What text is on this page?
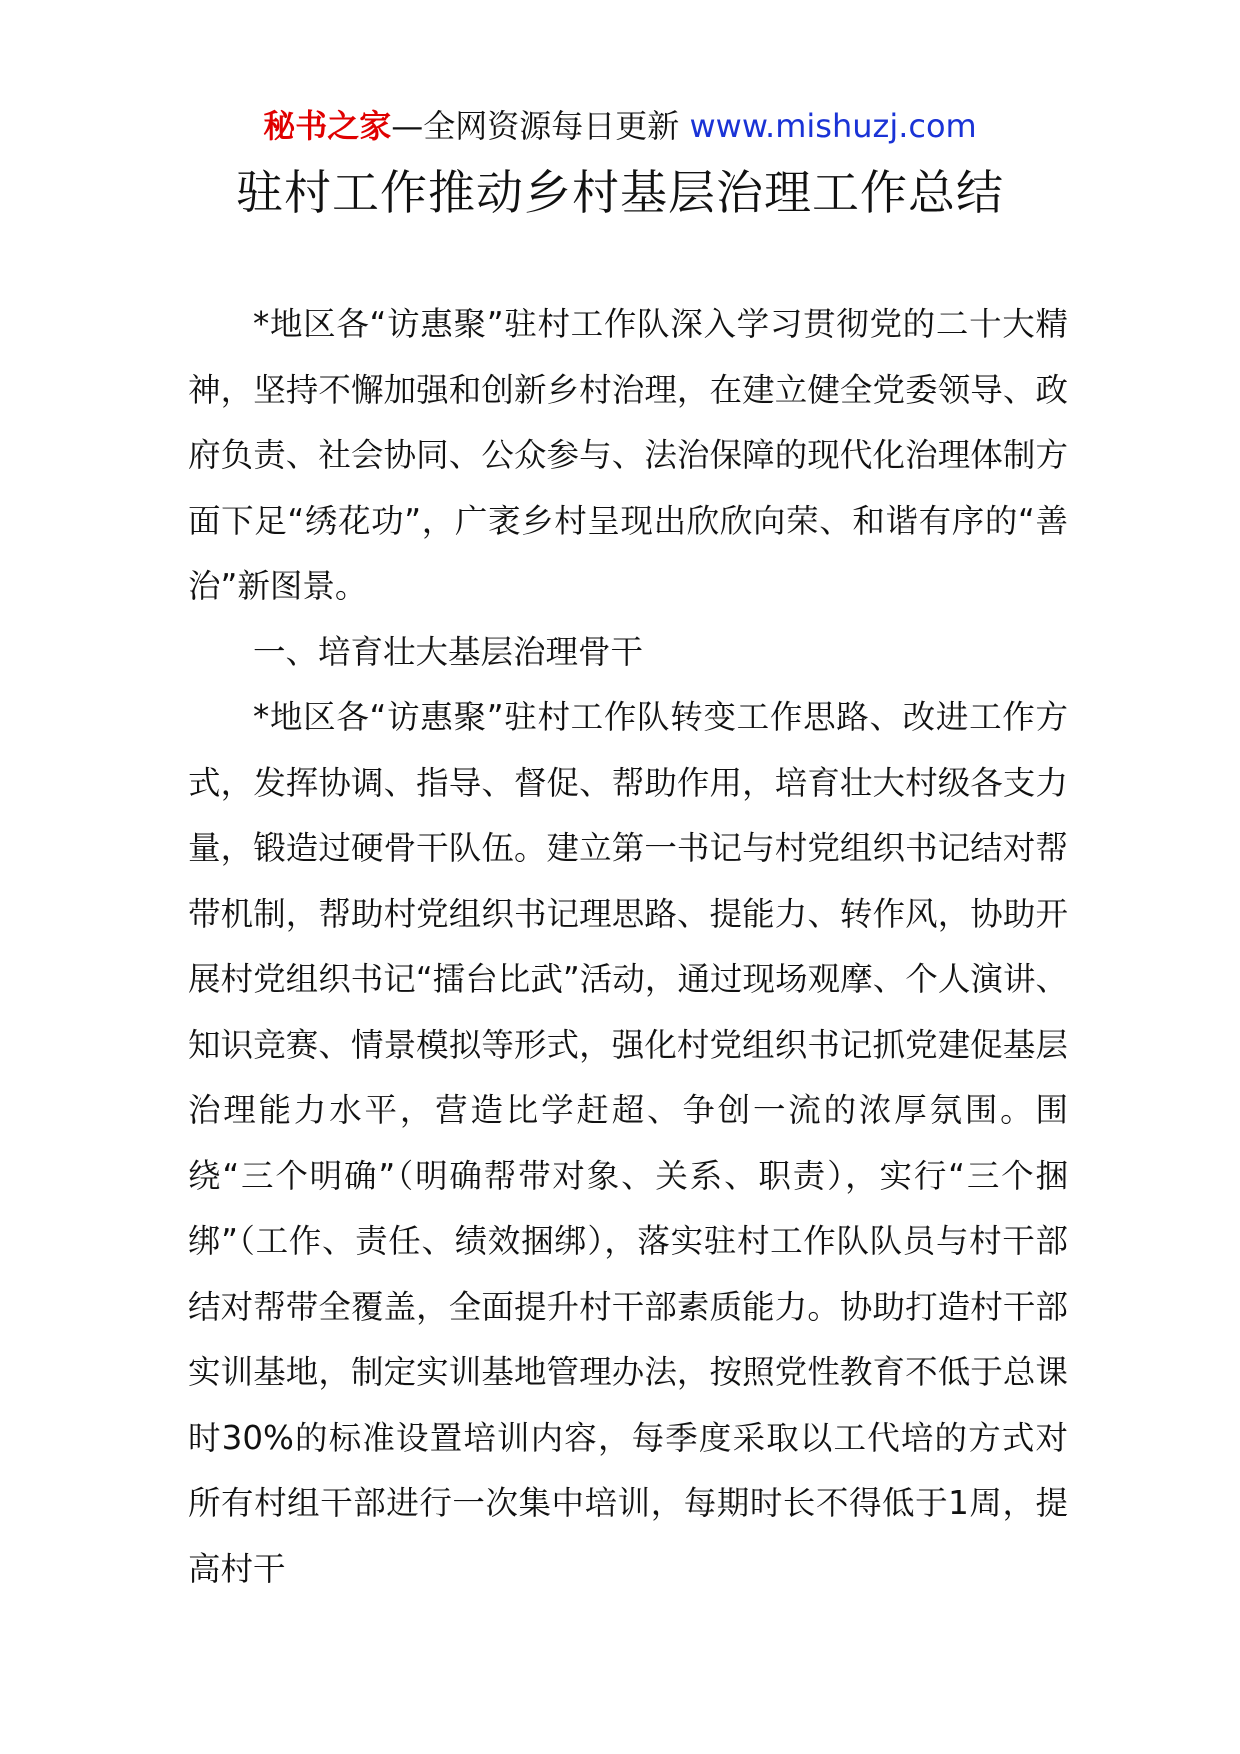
秘书之家—全网资源每日更新 www.mishuzj.com
驻村工作推动乡村基层治理工作总结

*地区各“访惠聚”驻村工作队深入学习贯彻党的二十大精神，坚持不懈加强和创新乡村治理，在建立健全党委领导、政府负责、社会协同、公众参与、法治保障的现代化治理体制方面下足“绣花功”，广袤乡村呈现出欣欣向荣、和谐有序的“善治”新图景。

一、培育壮大基层治理骨干

*地区各“访惠聚”驻村工作队转变工作思路、改进工作方式，发挥协调、指导、督促、帮助作用，培育壮大村级各支力量，锻造过硬骨干队伍。建立第一书记与村党组织书记结对帮带机制，帮助村党组织书记理思路、提能力、转作风，协助开展村党组织书记“擂台比武”活动，通过现场观摩、个人演讲、知识竞赛、情景模拟等形式，强化村党组织书记抓党建促基层治理能力水平，营造比学赶超、争创一流的浓厚氛围。围绕“三个明确”（明确帮带对象、关系、职责），实行“三个捆绑”（工作、责任、绩效捆绑），落实驻村工作队队员与村干部结对帮带全覆盖，全面提升村干部素质能力。协助打造村干部实训基地，制定实训基地管理办法，按照党性教育不低于总课时30%的标准设置培训内容，每季度采取以工代培的方式对所有村组干部进行一次集中培训，每期时长不得低于1周，提高村干
